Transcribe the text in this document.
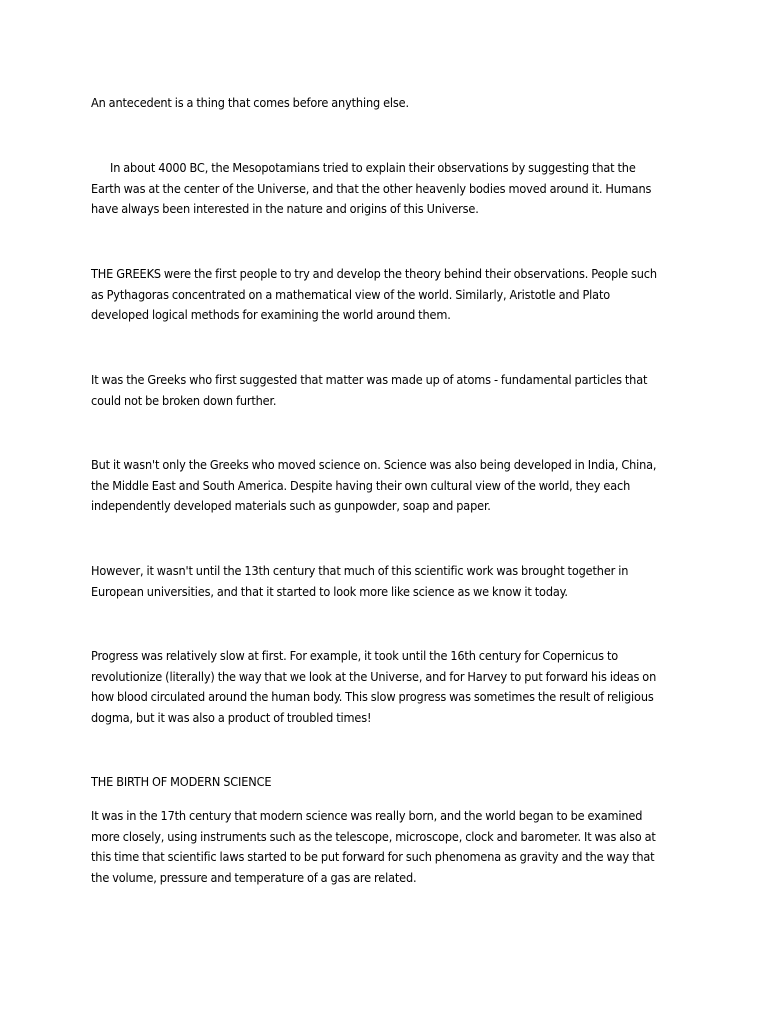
An antecedent is a thing that comes before anything else.

In about 4000 BC, the Mesopotamians tried to explain their observations by suggesting that the
Earth was at the center of the Universe, and that the other heavenly bodies moved around it. Humans
have always been interested in the nature and origins of this Universe.

THE GREEKS were the first people to try and develop the theory behind their observations. People such
as Pythagoras concentrated on a mathematical view of the world. Similarly, Aristotle and Plato
developed logical methods for examining the world around them.

It was the Greeks who first suggested that matter was made up of atoms - fundamental particles that
could not be broken down further.

But it wasn't only the Greeks who moved science on. Science was also being developed in India, China,
the Middle East and South America. Despite having their own cultural view of the world, they each
independently developed materials such as gunpowder, soap and paper.

However, it wasn't until the 13th century that much of this scientific work was brought together in
European universities, and that it started to look more like science as we know it today.

Progress was relatively slow at first. For example, it took until the 16th century for Copernicus to
revolutionize (literally) the way that we look at the Universe, and for Harvey to put forward his ideas on
how blood circulated around the human body. This slow progress was sometimes the result of religious
dogma, but it was also a product of troubled times!

THE BIRTH OF MODERN SCIENCE

It was in the 17th century that modern science was really born, and the world began to be examined
more closely, using instruments such as the telescope, microscope, clock and barometer. It was also at
this time that scientific laws started to be put forward for such phenomena as gravity and the way that
the volume, pressure and temperature of a gas are related.
